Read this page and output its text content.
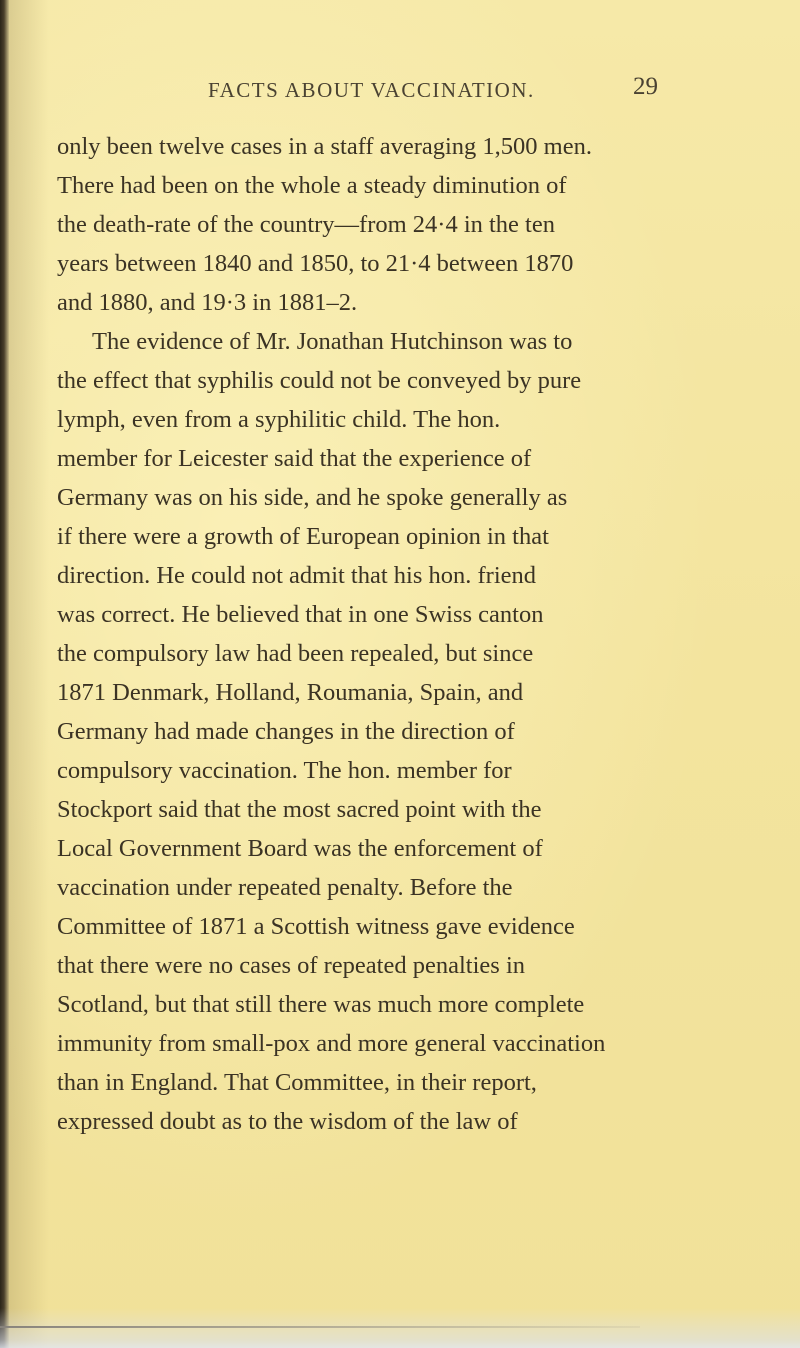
FACTS ABOUT VACCINATION.	29
only been twelve cases in a staff averaging 1,500 men.
There had been on the whole a steady diminution of
the death-rate of the country—from 24·4 in the ten
years between 1840 and 1850, to 21·4 between 1870
and 1880, and 19·3 in 1881–2.
The evidence of Mr. Jonathan Hutchinson was to
the effect that syphilis could not be conveyed by pure
lymph, even from a syphilitic child. The hon.
member for Leicester said that the experience of
Germany was on his side, and he spoke generally as
if there were a growth of European opinion in that
direction. He could not admit that his hon. friend
was correct. He believed that in one Swiss canton
the compulsory law had been repealed, but since
1871 Denmark, Holland, Roumania, Spain, and
Germany had made changes in the direction of
compulsory vaccination. The hon. member for
Stockport said that the most sacred point with the
Local Government Board was the enforcement of
vaccination under repeated penalty. Before the
Committee of 1871 a Scottish witness gave evidence
that there were no cases of repeated penalties in
Scotland, but that still there was much more complete
immunity from small-pox and more general vaccination
than in England. That Committee, in their report,
expressed doubt as to the wisdom of the law of
